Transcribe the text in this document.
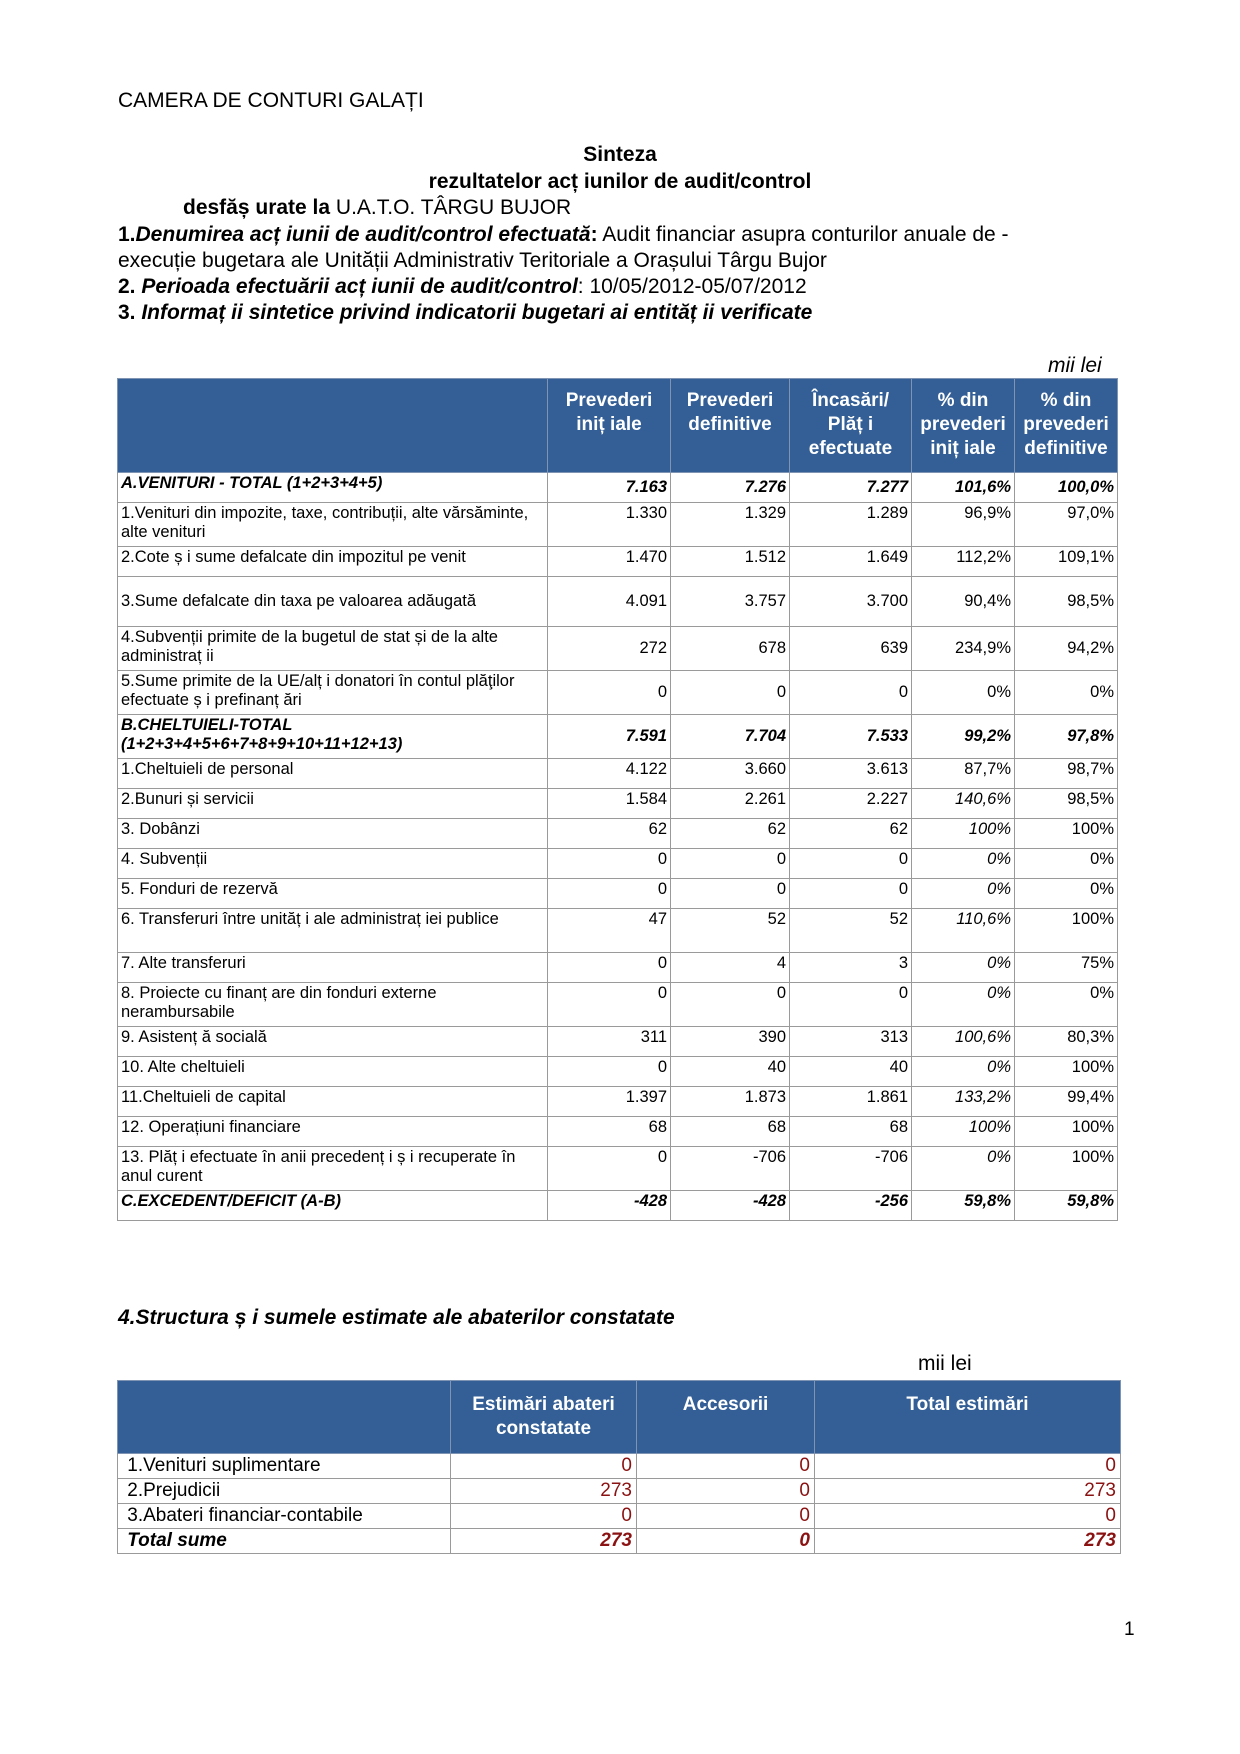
CAMERA DE CONTURI GALAȚI
Sinteza
rezultatelor acț iunilor de audit/control
desfăș urate la U.A.T.O. TÂRGU BUJOR
1.Denumirea acț iunii de audit/control efectuată: Audit financiar asupra conturilor anuale de -
execuție bugetara ale Unității Administrativ Teritoriale a Orașului Târgu Bujor
2. Perioada efectuării acț iunii de audit/control: 10/05/2012-05/07/2012
3. Informaț ii sintetice privind indicatorii bugetari ai entităț ii verificate
mii lei
	Prevederi
iniț iale	Prevederi
definitive	Încasări/
Plăț i
efectuate	% din
prevederi
iniț iale	% din
prevederi
definitive
A.VENITURI - TOTAL (1+2+3+4+5)	7.163	7.276	7.277	101,6%	100,0%
1.Venituri din impozite, taxe, contribuții, alte vărsăminte, alte venituri	1.330	1.329	1.289	96,9%	97,0%
2.Cote ș i sume defalcate din impozitul pe venit	1.470	1.512	1.649	112,2%	109,1%
3.Sume defalcate din taxa pe valoarea adăugată	4.091	3.757	3.700	90,4%	98,5%
4.Subvenții primite de la bugetul de stat și de la alte administraț ii	272	678	639	234,9%	94,2%
5.Sume primite de la UE/alț i donatori în contul plăţilor efectuate ș i prefinanț ări	0	0	0	0%	0%
B.CHELTUIELI-TOTAL (1+2+3+4+5+6+7+8+9+10+11+12+13)	7.591	7.704	7.533	99,2%	97,8%
1.Cheltuieli de personal	4.122	3.660	3.613	87,7%	98,7%
2.Bunuri și servicii	1.584	2.261	2.227	140,6%	98,5%
3. Dobânzi	62	62	62	100%	100%
4. Subvenții	0	0	0	0%	0%
5. Fonduri de rezervă	0	0	0	0%	0%
6. Transferuri între unităț i ale administraț iei publice	47	52	52	110,6%	100%
7. Alte transferuri	0	4	3	0%	75%
8. Proiecte cu finanț are din fonduri externe nerambursabile	0	0	0	0%	0%
9. Asistenț ă socială	311	390	313	100,6%	80,3%
10. Alte cheltuieli	0	40	40	0%	100%
11.Cheltuieli de capital	1.397	1.873	1.861	133,2%	99,4%
12. Operațiuni financiare	68	68	68	100%	100%
13. Plăț i efectuate în anii precedenț i ș i recuperate în anul curent	0	-706	-706	0%	100%
C.EXCEDENT/DEFICIT (A-B)	-428	-428	-256	59,8%	59,8%
4.Structura ș i sumele estimate ale abaterilor constatate
mii lei
	Estimări abateri
constatate	Accesorii	Total estimări
1.Venituri suplimentare	0	0	0
2.Prejudicii	273	0	273
3.Abateri financiar-contabile	0	0	0
Total sume	273	0	273
1
